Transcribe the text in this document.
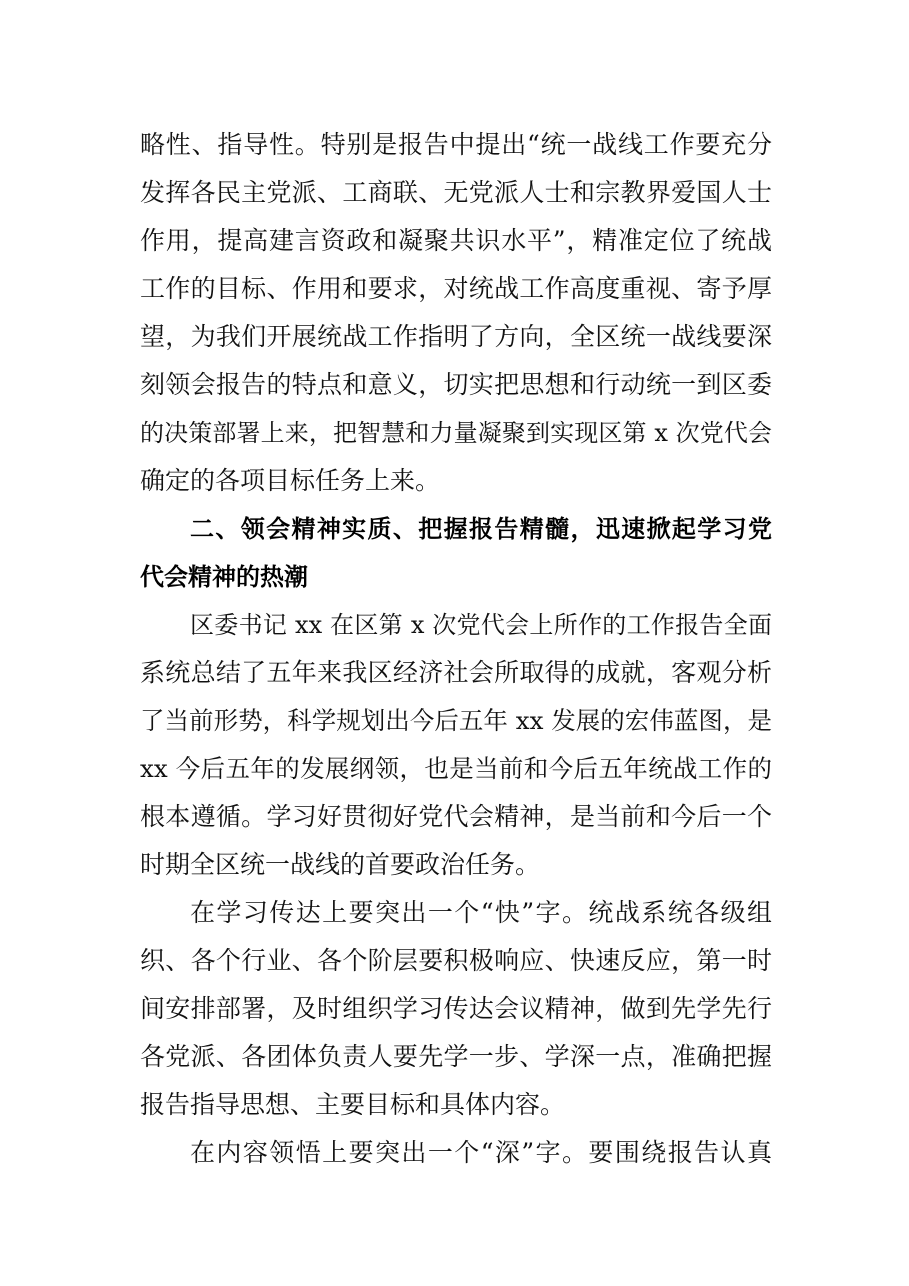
略性、指导性。特别是报告中提出“统一战线工作要充分
发挥各民主党派、工商联、无党派人士和宗教界爱国人士
作用，提高建言资政和凝聚共识水平”，精准定位了统战
工作的目标、作用和要求，对统战工作高度重视、寄予厚
望，为我们开展统战工作指明了方向，全区统一战线要深
刻领会报告的特点和意义，切实把思想和行动统一到区委
的决策部署上来，把智慧和力量凝聚到实现区第 x 次党代会
确定的各项目标任务上来。
二、领会精神实质、把握报告精髓，迅速掀起学习党
代会精神的热潮
区委书记 xx 在区第 x 次党代会上所作的工作报告全面
系统总结了五年来我区经济社会所取得的成就，客观分析
了当前形势，科学规划出今后五年 xx 发展的宏伟蓝图，是
xx 今后五年的发展纲领，也是当前和今后五年统战工作的
根本遵循。学习好贯彻好党代会精神，是当前和今后一个
时期全区统一战线的首要政治任务。
在学习传达上要突出一个“快”字。统战系统各级组
织、各个行业、各个阶层要积极响应、快速反应，第一时
间安排部署，及时组织学习传达会议精神，做到先学先行
各党派、各团体负责人要先学一步、学深一点，准确把握
报告指导思想、主要目标和具体内容。
在内容领悟上要突出一个“深”字。要围绕报告认真
